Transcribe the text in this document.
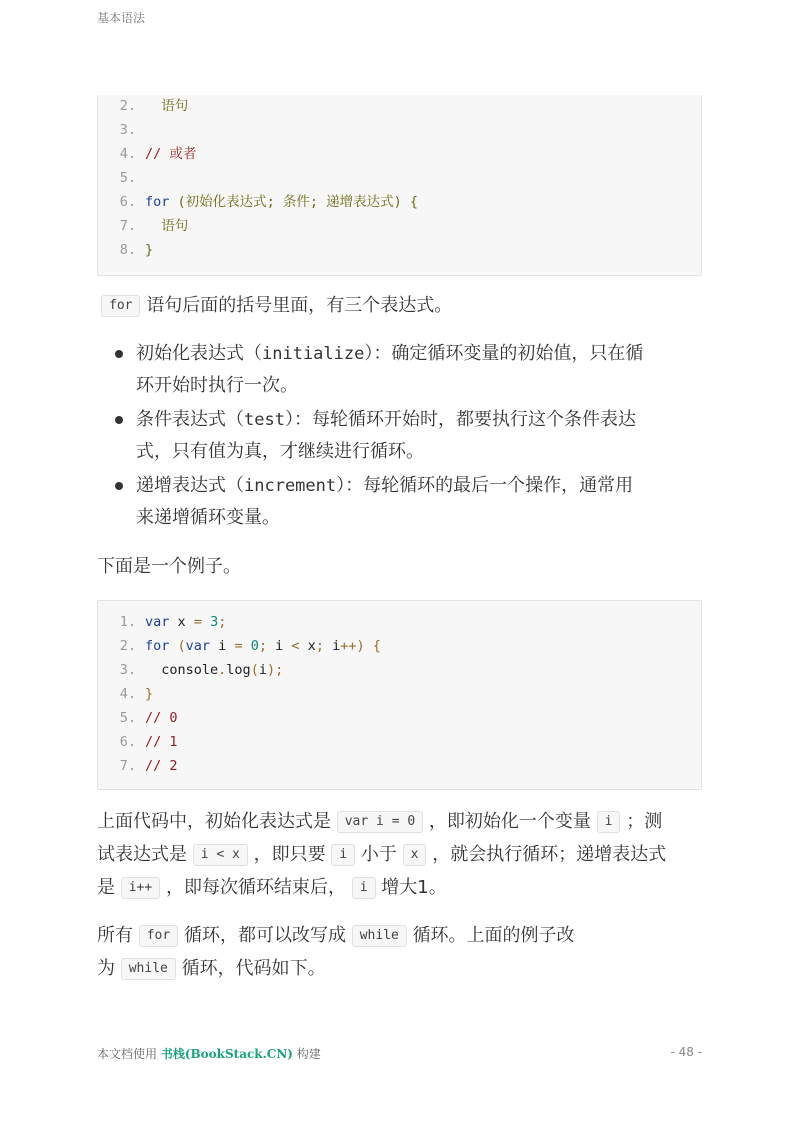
基本语法
2. 语句
3.
4. // 或者
5.
6. for (初始化表达式; 条件; 递增表达式) {
7. 语句
8. }
for 语句后面的括号里面，有三个表达式。
初始化表达式（initialize）：确定循环变量的初始值，只在循
环开始时执行一次。
条件表达式（test）：每轮循环开始时，都要执行这个条件表达
式，只有值为真，才继续进行循环。
递增表达式（increment）：每轮循环的最后一个操作，通常用
来递增循环变量。
下面是一个例子。
1. var x = 3;
2. for (var i = 0; i < x; i++) {
3. console.log(i);
4. }
5. // 0
6. // 1
7. // 2
上面代码中，初始化表达式是 var i = 0 ，即初始化一个变量 i ；测
试表达式是 i < x ，即只要 i 小于 x ，就会执行循环；递增表达式
是 i++ ，即每次循环结束后， i 增大1。
所有 for 循环，都可以改写成 while 循环。上面的例子改
为 while 循环，代码如下。
本文档使用 书栈(BookStack.CN) 构建	- 48 -
